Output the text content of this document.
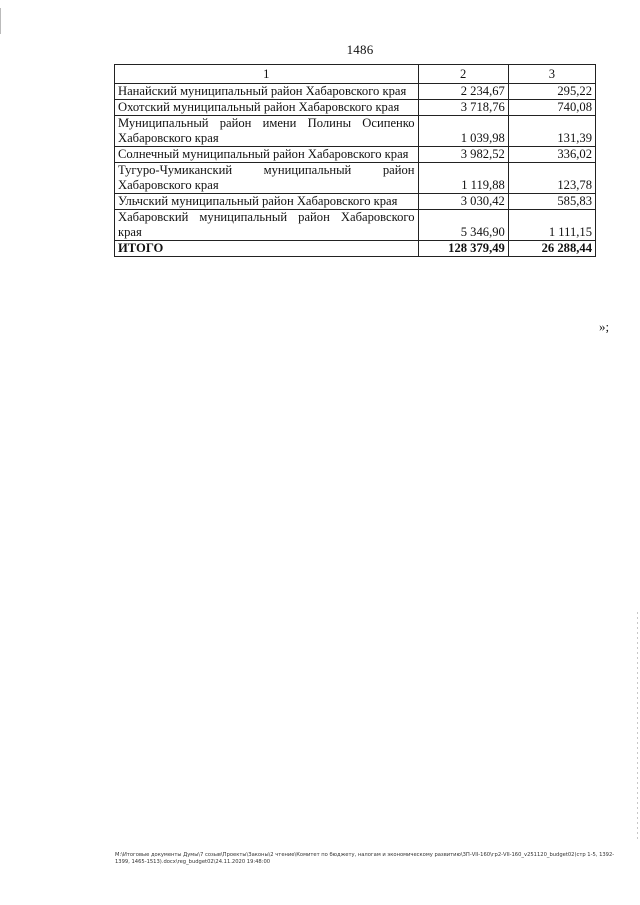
1486
1	2	3
Нанайский муниципальный район Хабаровского края	2 234,67	295,22
Охотский муниципальный район Хабаровского края	3 718,76	740,08
Муниципальный район имени Полины Осипенко Хабаровского края	1 039,98	131,39
Солнечный муниципальный район Хабаровского края	3 982,52	336,02
Тугуро-Чумиканский муниципальный район Хабаровского края	1 119,88	123,78
Ульчский муниципальный район Хабаровского края	3 030,42	585,83
Хабаровский муниципальный район Хабаровского края	5 346,90	1 111,15
ИТОГО	128 379,49	26 288,44
»;
M:\Итоговые документы Думы\7 созыв\Проекты\Законы\2 чтение\Комитет по бюджету, налогам и экономическому развитию\3П-VII-160\гр2-VII-160_v251120_budget02(стр 1-5, 1392-1399, 1465-1513).docx\reg_budget02\24.11.2020 19:48:00
